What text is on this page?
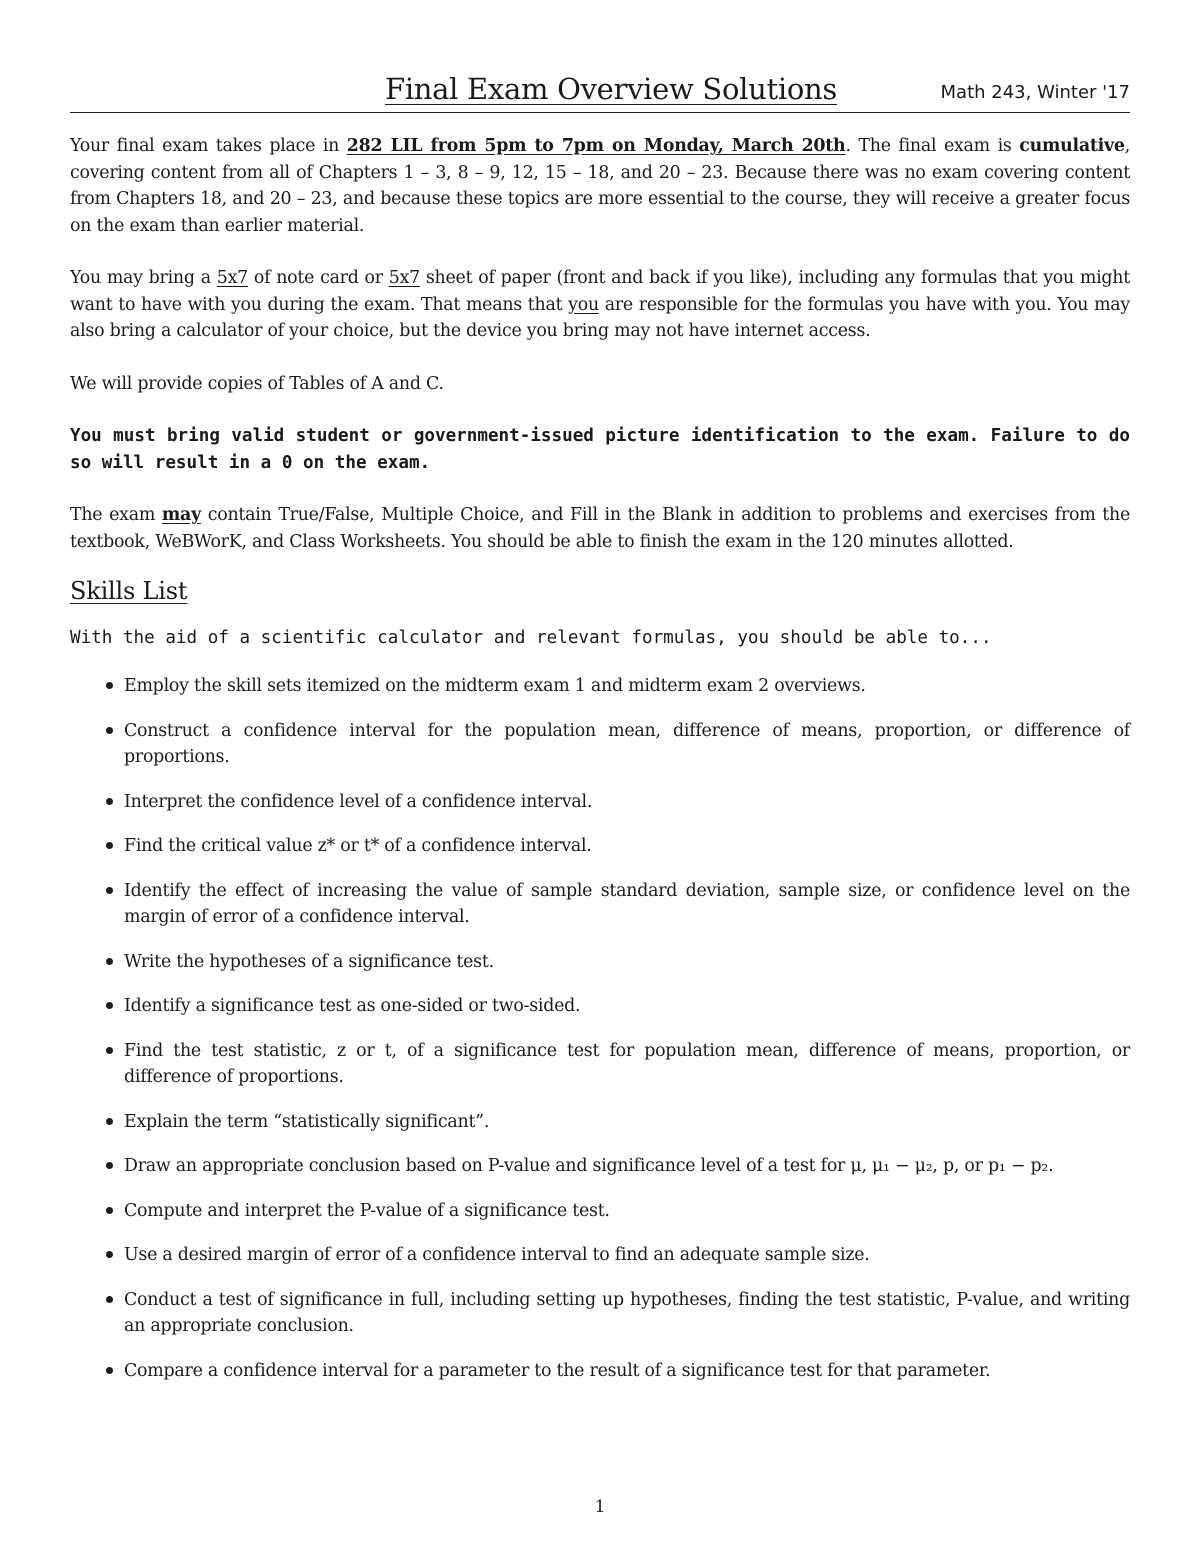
Final Exam Overview Solutions	Math 243, Winter '17

Your final exam takes place in 282 LIL from 5pm to 7pm on Monday, March 20th. The final exam is cumulative, covering content from all of Chapters 1 – 3, 8 – 9, 12, 15 – 18, and 20 – 23. Because there was no exam covering content from Chapters 18, and 20 – 23, and because these topics are more essential to the course, they will receive a greater focus on the exam than earlier material.

You may bring a 5x7 of note card or 5x7 sheet of paper (front and back if you like), including any formulas that you might want to have with you during the exam. That means that you are responsible for the formulas you have with you. You may also bring a calculator of your choice, but the device you bring may not have internet access.

We will provide copies of Tables of A and C.

You must bring valid student or government-issued picture identification to the exam. Failure to do so will result in a 0 on the exam.

The exam may contain True/False, Multiple Choice, and Fill in the Blank in addition to problems and exercises from the textbook, WeBWorK, and Class Worksheets. You should be able to finish the exam in the 120 minutes allotted.

Skills List
With the aid of a scientific calculator and relevant formulas, you should be able to...
Employ the skill sets itemized on the midterm exam 1 and midterm exam 2 overviews.
Construct a confidence interval for the population mean, difference of means, proportion, or difference of proportions.
Interpret the confidence level of a confidence interval.
Find the critical value z* or t* of a confidence interval.
Identify the effect of increasing the value of sample standard deviation, sample size, or confidence level on the margin of error of a confidence interval.
Write the hypotheses of a significance test.
Identify a significance test as one-sided or two-sided.
Find the test statistic, z or t, of a significance test for population mean, difference of means, proportion, or difference of proportions.
Explain the term “statistically significant”.
Draw an appropriate conclusion based on P-value and significance level of a test for μ, μ₁ − μ₂, p, or p₁ − p₂.
Compute and interpret the P-value of a significance test.
Use a desired margin of error of a confidence interval to find an adequate sample size.
Conduct a test of significance in full, including setting up hypotheses, finding the test statistic, P-value, and writing an appropriate conclusion.
Compare a confidence interval for a parameter to the result of a significance test for that parameter.
1
